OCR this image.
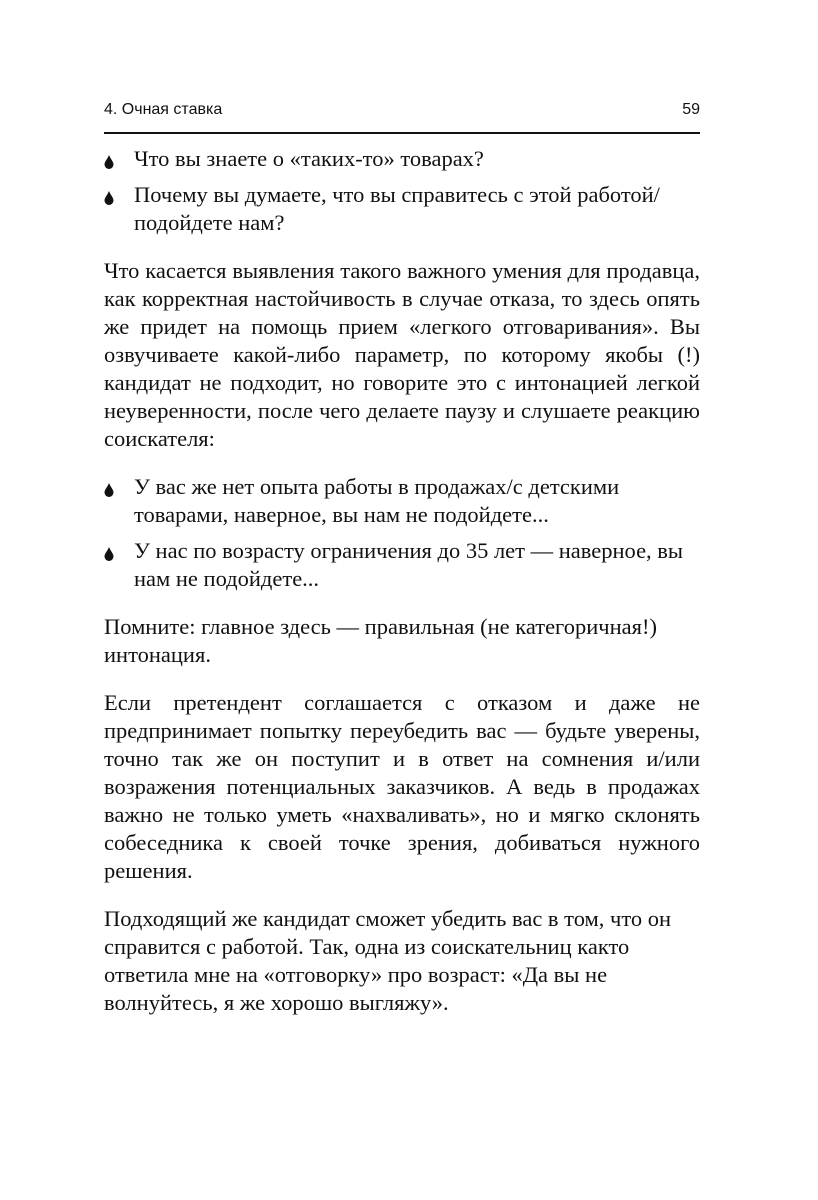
4. Очная ставка	59
Что вы знаете о «таких-то» товарах?
Почему вы думаете, что вы справитесь с этой работой/подойдете нам?

Что касается выявления такого важного умения для продавца, как корректная настойчивость в случае отказа, то здесь опять же придет на помощь прием «легкого отговаривания». Вы озвучиваете какой-либо параметр, по которому якобы (!) кандидат не подходит, но говорите это с интонацией легкой неуверенности, после чего делаете паузу и слушаете реакцию соискателя:

У вас же нет опыта работы в продажах/с детскими товарами, наверное, вы нам не подойдете...
У нас по возрасту ограничения до 35 лет — наверное, вы нам не подойдете...

Помните: главное здесь — правильная (не категоричная!) интонация.

Если претендент соглашается с отказом и даже не предпринимает попытку переубедить вас — будьте уверены, точно так же он поступит и в ответ на сомнения и/или возражения потенциальных заказчиков. А ведь в продажах важно не только уметь «нахваливать», но и мягко склонять собеседника к своей точке зрения, добиваться нужного решения.

Подходящий же кандидат сможет убедить вас в том, что он справится с работой. Так, одна из соискательниц както ответила мне на «отговорку» про возраст: «Да вы не волнуйтесь, я же хорошо выгляжу».
